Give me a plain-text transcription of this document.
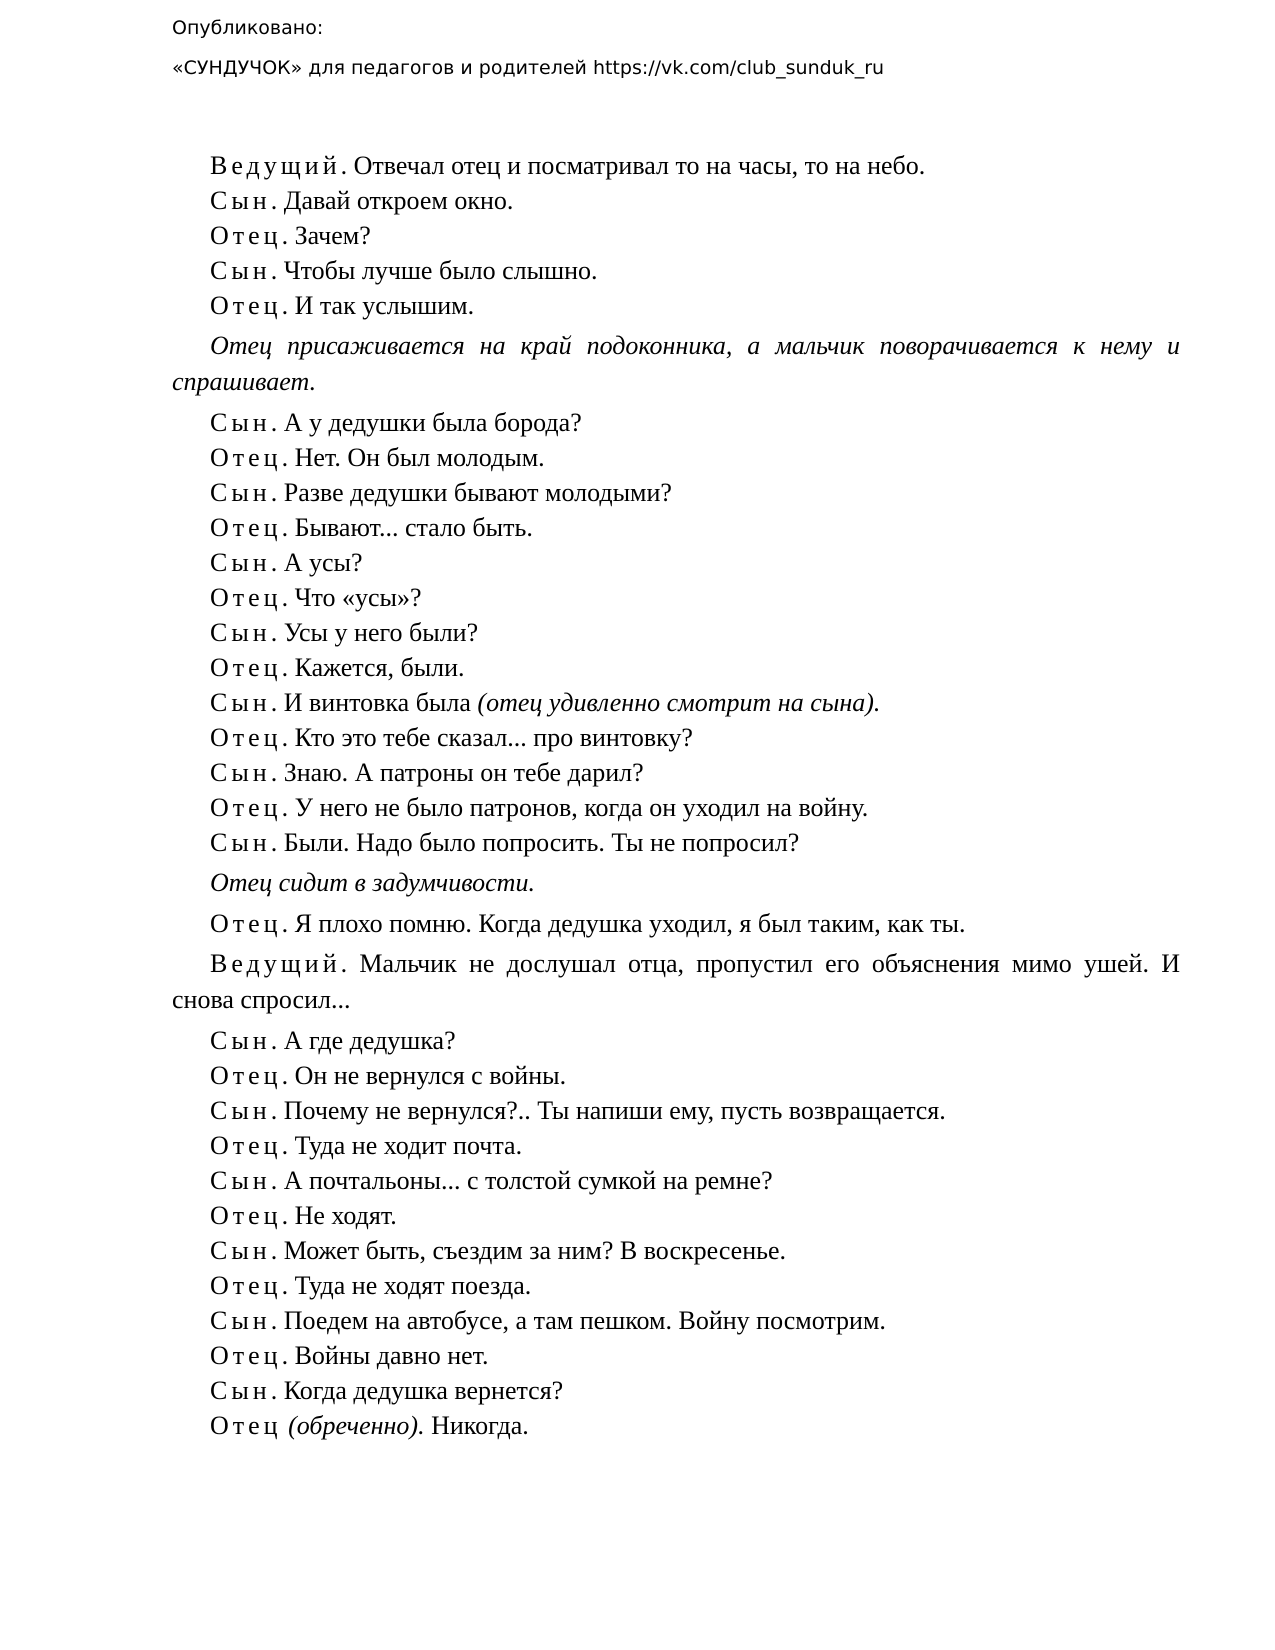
Опубликовано:
«СУНДУЧОК» для педагогов и родителей https://vk.com/club_sunduk_ru
Ведущий. Отвечал отец и посматривал то на часы, то на небо.
Сын. Давай откроем окно.
Отец. Зачем?
Сын. Чтобы лучше было слышно.
Отец. И так услышим.
Отец присаживается на край подоконника, а мальчик поворачивается к нему и спрашивает.
Сын. А у дедушки была борода?
Отец. Нет. Он был молодым.
Сын. Разве дедушки бывают молодыми?
Отец. Бывают... стало быть.
Сын. А усы?
Отец. Что «усы»?
Сын. Усы у него были?
Отец. Кажется, были.
Сын. И винтовка была (отец удивленно смотрит на сына).
Отец. Кто это тебе сказал... про винтовку?
Сын. Знаю. А патроны он тебе дарил?
Отец. У него не было патронов, когда он уходил на войну.
Сын. Были. Надо было попросить. Ты не попросил?
Отец сидит в задумчивости.
Отец. Я плохо помню. Когда дедушка уходил, я был таким, как ты.
Ведущий. Мальчик не дослушал отца, пропустил его объяснения мимо ушей. И снова спросил...
Сын. А где дедушка?
Отец. Он не вернулся с войны.
Сын. Почему не вернулся?.. Ты напиши ему, пусть возвращается.
Отец. Туда не ходит почта.
Сын. А почтальоны... с толстой сумкой на ремне?
Отец. Не ходят.
Сын. Может быть, съездим за ним? В воскресенье.
Отец. Туда не ходят поезда.
Сын. Поедем на автобусе, а там пешком. Войну посмотрим.
Отец. Войны давно нет.
Сын. Когда дедушка вернется?
Отец (обреченно). Никогда.
